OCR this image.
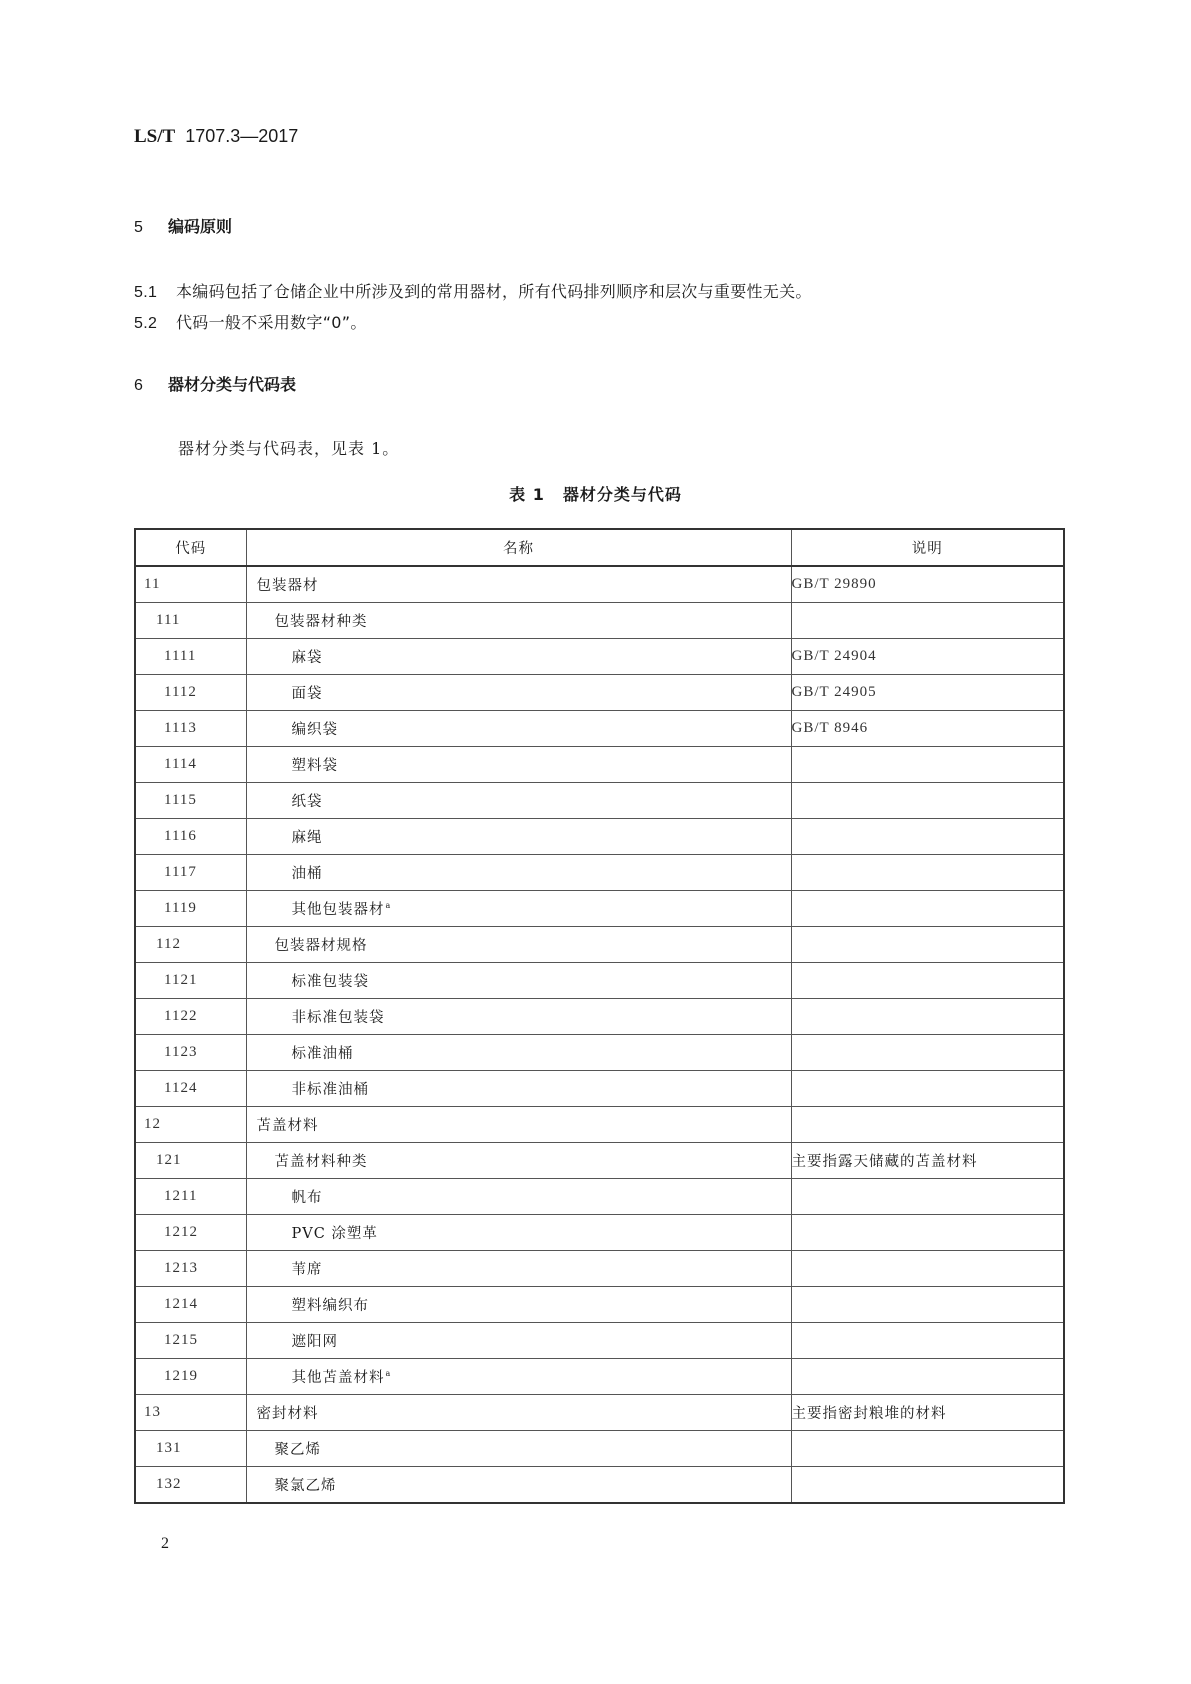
LS/T 1707.3—2017
5 编码原则
5.1 本编码包括了仓储企业中所涉及到的常用器材，所有代码排列顺序和层次与重要性无关。
5.2 代码一般不采用数字“0”。
6 器材分类与代码表
器材分类与代码表，见表 1。
表 1 器材分类与代码
代码	名称	说明
11	包装器材	GB/T 29890
111	包装器材种类	
1111	麻袋	GB/T 24904
1112	面袋	GB/T 24905
1113	编织袋	GB/T 8946
1114	塑料袋	
1115	纸袋	
1116	麻绳	
1117	油桶	
1119	其他包装器材$^a$	
112	包装器材规格	
1121	标准包装袋	
1122	非标准包装袋	
1123	标准油桶	
1124	非标准油桶	
12	苫盖材料	
121	苫盖材料种类	主要指露天储藏的苫盖材料
1211	帆布	
1212	PVC 涂塑革	
1213	苇席	
1214	塑料编织布	
1215	遮阳网	
1219	其他苫盖材料$^a$	
13	密封材料	主要指密封粮堆的材料
131	聚乙烯	
132	聚氯乙烯	
2
